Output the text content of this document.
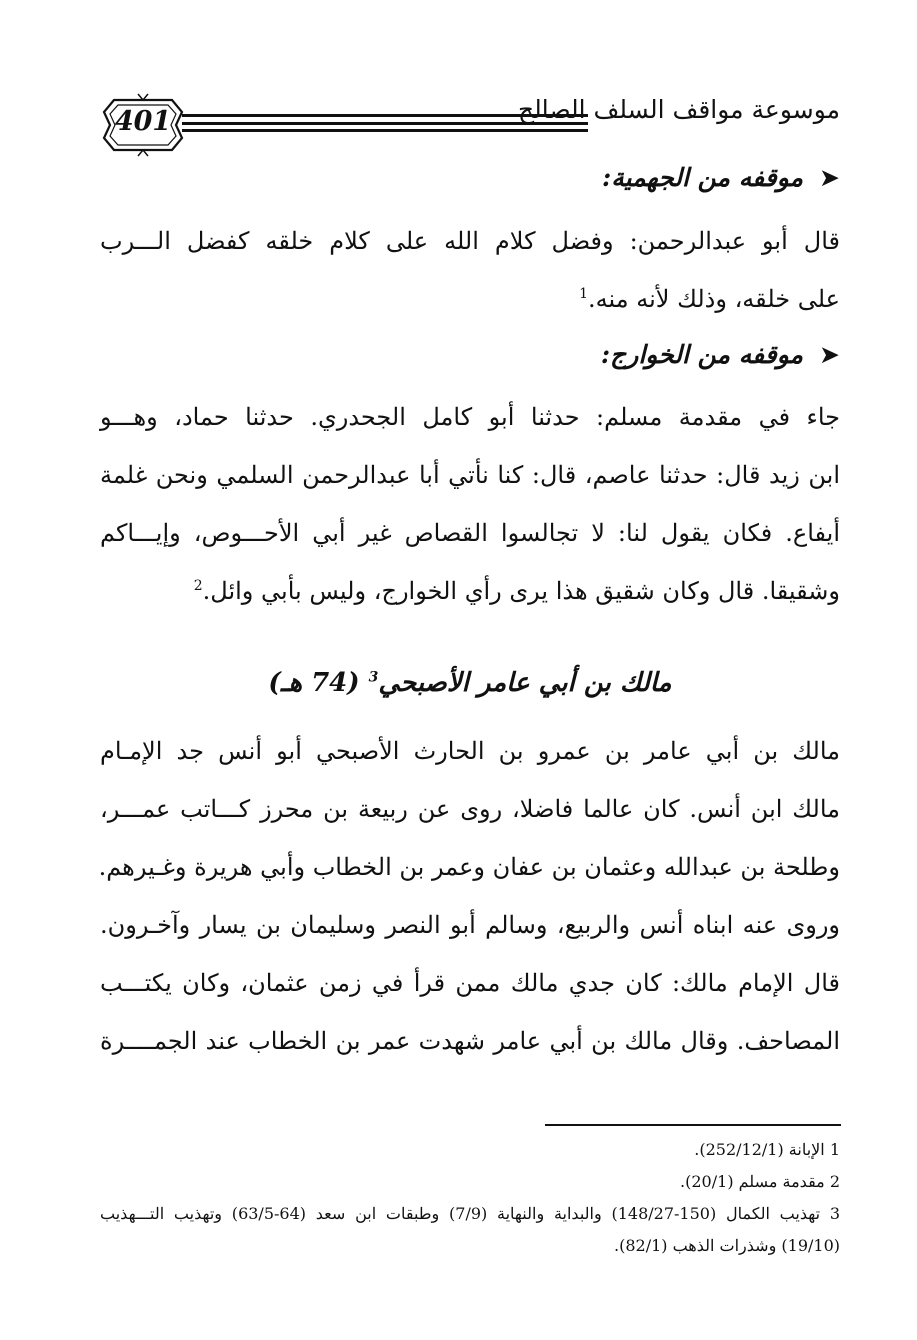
401	موسوعة مواقف السلف الصالح
➤موقفه من الجهمية:
قال أبو عبدالرحمن: وفضل كلام الله على كلام خلقه كفضل الـــرب
على خلقه، وذلك لأنه منه.$^1$
➤موقفه من الخوارج:
جاء في مقدمة مسلم: حدثنا أبو كامل الجحدري. حدثنا حماد، وهـــو
ابن زيد قال: حدثنا عاصم، قال: كنا نأتي أبا عبدالرحمن السلمي ونحن غلمة
أيفاع. فكان يقول لنا: لا تجالسوا القصاص غير أبي الأحـــوص، وإيـــاكم
وشقيقا. قال وكان شقيق هذا يرى رأي الخوارج، وليس بأبي وائل.$^2$
مالك بن أبي عامر الأصبحي$^3$ (74 هـ)
مالك بن أبي عامر بن عمرو بن الحارث الأصبحي أبو أنس جد الإمـام
مالك ابن أنس. كان عالما فاضلا، روى عن ربيعة بن محرز كـــاتب عمـــر،
وطلحة بن عبدالله وعثمان بن عفان وعمر بن الخطاب وأبي هريرة وغـيرهم.
وروى عنه ابناه أنس والربيع، وسالم أبو النصر وسليمان بن يسار وآخـرون.
قال الإمام مالك: كان جدي مالك ممن قرأ في زمن عثمان، وكان يكتـــب
المصاحف. وقال مالك بن أبي عامر شهدت عمر بن الخطاب عند الجمــــرة
1 الإبانة (252/12/1).
2 مقدمة مسلم (20/1).
3 تهذيب الكمال (150-148/27) والبداية والنهاية (7/9) وطبقات ابن سعد (64-63/5) وتهذيب التـــهذيب
(19/10) وشذرات الذهب (82/1).
